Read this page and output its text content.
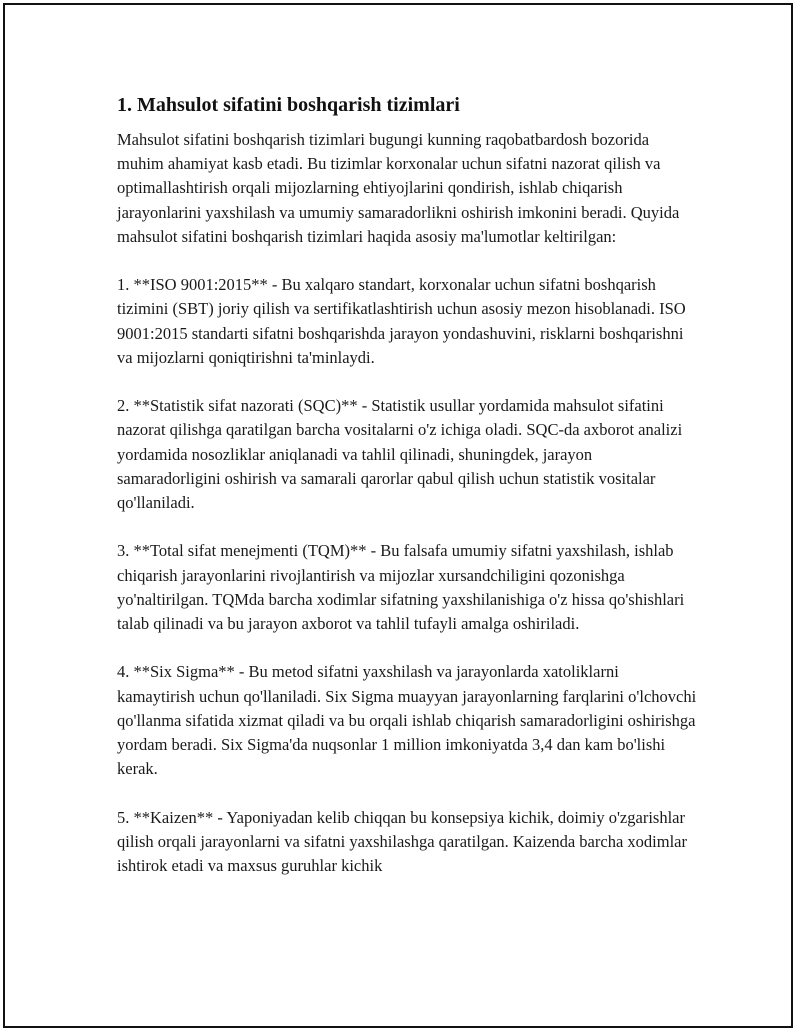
1. Mahsulot sifatini boshqarish tizimlari

Mahsulot sifatini boshqarish tizimlari bugungi kunning raqobatbardosh bozorida muhim ahamiyat kasb etadi. Bu tizimlar korxonalar uchun sifatni nazorat qilish va optimallashtirish orqali mijozlarning ehtiyojlarini qondirish, ishlab chiqarish jarayonlarini yaxshilash va umumiy samaradorlikni oshirish imkonini beradi. Quyida mahsulot sifatini boshqarish tizimlari haqida asosiy ma'lumotlar keltirilgan:

1. **ISO 9001:2015** - Bu xalqaro standart, korxonalar uchun sifatni boshqarish tizimini (SBT) joriy qilish va sertifikatlashtirish uchun asosiy mezon hisoblanadi. ISO 9001:2015 standarti sifatni boshqarishda jarayon yondashuvini, risklarni boshqarishni va mijozlarni qoniqtirishni ta'minlaydi.

2. **Statistik sifat nazorati (SQC)** - Statistik usullar yordamida mahsulot sifatini nazorat qilishga qaratilgan barcha vositalarni o'z ichiga oladi. SQC-da axborot analizi yordamida nosozliklar aniqlanadi va tahlil qilinadi, shuningdek, jarayon samaradorligini oshirish va samarali qarorlar qabul qilish uchun statistik vositalar qo'llaniladi.

3. **Total sifat menejmenti (TQM)** - Bu falsafa umumiy sifatni yaxshilash, ishlab chiqarish jarayonlarini rivojlantirish va mijozlar xursandchiligini qozonishga yo'naltirilgan. TQMda barcha xodimlar sifatning yaxshilanishiga o'z hissa qo'shishlari talab qilinadi va bu jarayon axborot va tahlil tufayli amalga oshiriladi.

4. **Six Sigma** - Bu metod sifatni yaxshilash va jarayonlarda xatoliklarni kamaytirish uchun qo'llaniladi. Six Sigma muayyan jarayonlarning farqlarini o'lchovchi qo'llanma sifatida xizmat qiladi va bu orqali ishlab chiqarish samaradorligini oshirishga yordam beradi. Six Sigma'da nuqsonlar 1 million imkoniyatda 3,4 dan kam bo'lishi kerak.

5. **Kaizen** - Yaponiyadan kelib chiqqan bu konsepsiya kichik, doimiy o'zgarishlar qilish orqali jarayonlarni va sifatni yaxshilashga qaratilgan. Kaizenda barcha xodimlar ishtirok etadi va maxsus guruhlar kichik
